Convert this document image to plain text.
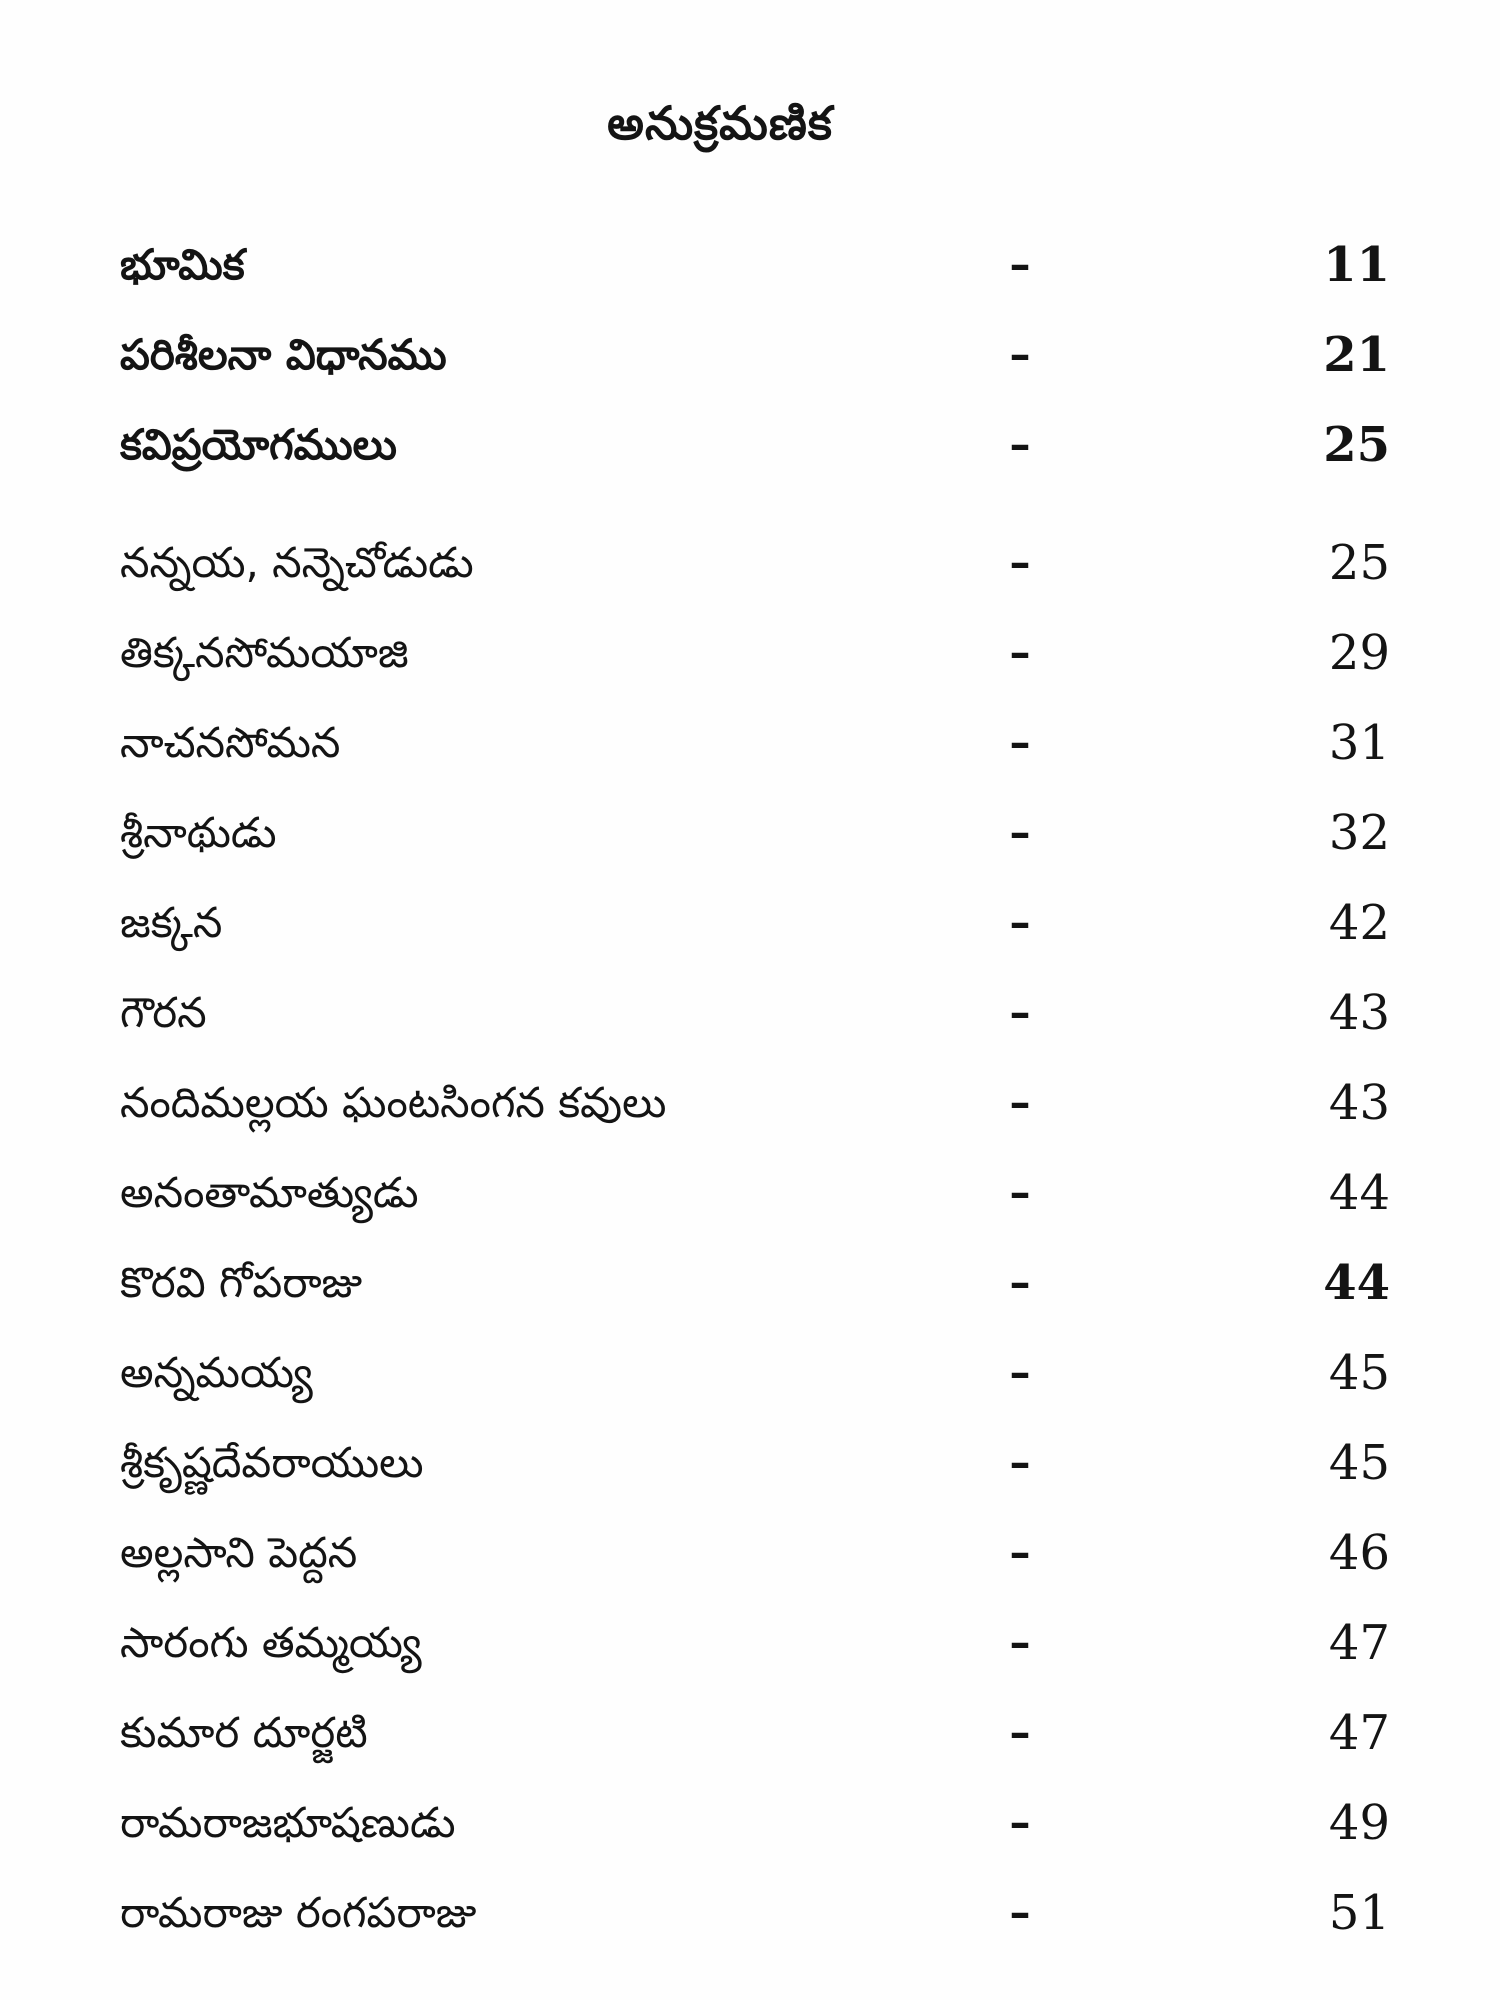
అనుక్రమణిక
భూమిక	–	11
పరిశీలనా విధానము	–	21
కవిప్రయోగములు	–	25
నన్నయ, నన్నెచోడుడు	–	25
తిక్కనసోమయాజి	–	29
నాచనసోమన	–	31
శ్రీనాథుడు	–	32
జక్కన	–	42
గౌరన	–	43
నందిమల్లయ ఘంటసింగన కవులు	–	43
అనంతామాత్యుడు	–	44
కొరవి గోపరాజు	–	44
అన్నమయ్య	–	45
శ్రీకృష్ణదేవరాయులు	–	45
అల్లసాని పెద్దన	–	46
సారంగు తమ్మయ్య	–	47
కుమార దూర్జటి	–	47
రామరాజభూషణుడు	–	49
రామరాజు రంగపరాజు	–	51
